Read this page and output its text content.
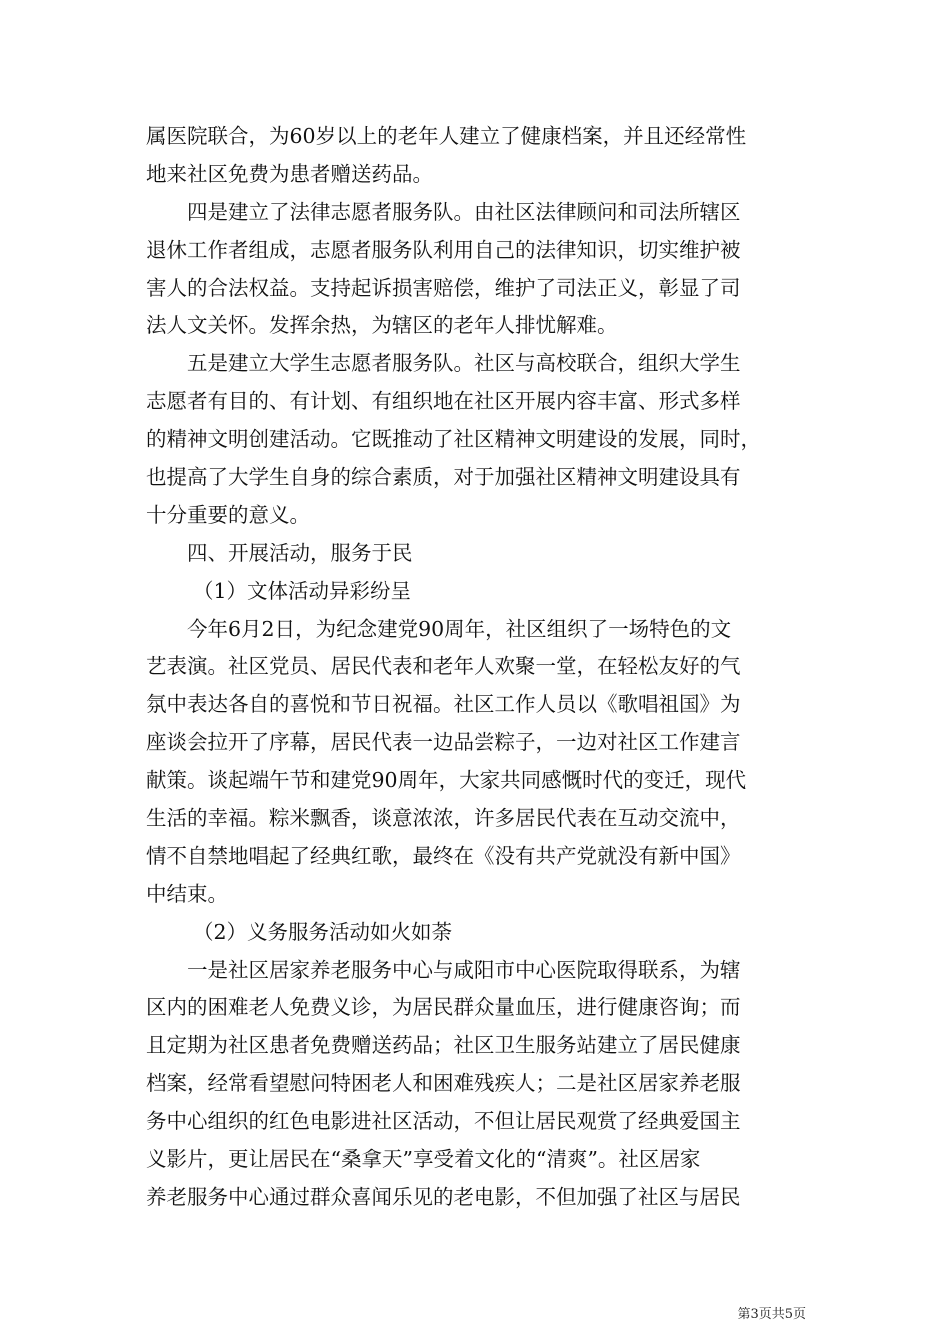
属医院联合，为60岁以上的老年人建立了健康档案，并且还经常性
地来社区免费为患者赠送药品。
四是建立了法律志愿者服务队。由社区法律顾问和司法所辖区
退休工作者组成，志愿者服务队利用自己的法律知识，切实维护被
害人的合法权益。支持起诉损害赔偿，维护了司法正义，彰显了司
法人文关怀。发挥余热，为辖区的老年人排忧解难。
五是建立大学生志愿者服务队。社区与高校联合，组织大学生
志愿者有目的、有计划、有组织地在社区开展内容丰富、形式多样
的精神文明创建活动。它既推动了社区精神文明建设的发展，同时，
也提高了大学生自身的综合素质，对于加强社区精神文明建设具有
十分重要的意义。
四、开展活动，服务于民
（1）文体活动异彩纷呈
今年6月2日，为纪念建党90周年，社区组织了一场特色的文
艺表演。社区党员、居民代表和老年人欢聚一堂，在轻松友好的气
氛中表达各自的喜悦和节日祝福。社区工作人员以《歌唱祖国》为
座谈会拉开了序幕，居民代表一边品尝粽子，一边对社区工作建言
献策。谈起端午节和建党90周年，大家共同感慨时代的变迁，现代
生活的幸福。粽米飘香，谈意浓浓，许多居民代表在互动交流中，
情不自禁地唱起了经典红歌，最终在《没有共产党就没有新中国》
中结束。
（2）义务服务活动如火如荼
一是社区居家养老服务中心与咸阳市中心医院取得联系，为辖
区内的困难老人免费义诊，为居民群众量血压，进行健康咨询；而
且定期为社区患者免费赠送药品；社区卫生服务站建立了居民健康
档案，经常看望慰问特困老人和困难残疾人；二是社区居家养老服
务中心组织的红色电影进社区活动，不但让居民观赏了经典爱国主
义影片，更让居民在“桑拿天”享受着文化的“清爽”。社区居家
养老服务中心通过群众喜闻乐见的老电影，不但加强了社区与居民
第3页共5页
